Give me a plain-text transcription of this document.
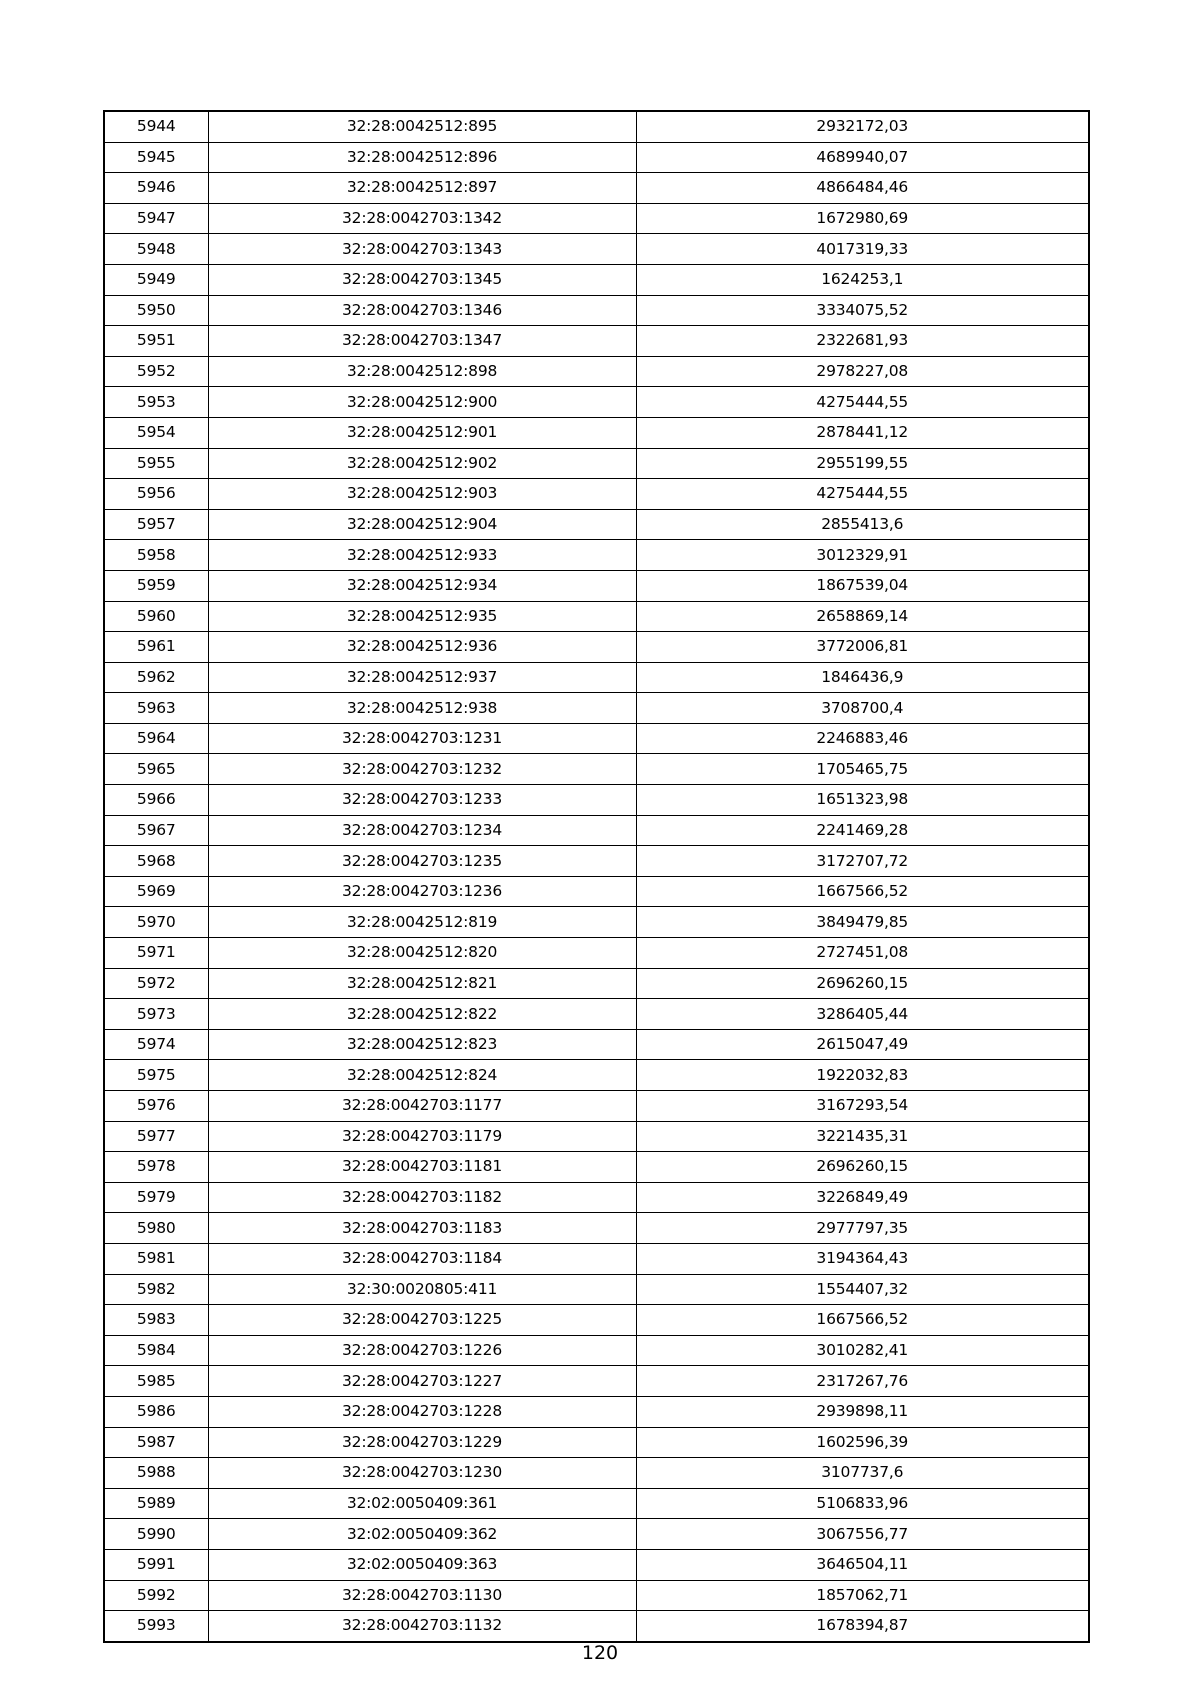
5944	32:28:0042512:895	2932172,03
5945	32:28:0042512:896	4689940,07
5946	32:28:0042512:897	4866484,46
5947	32:28:0042703:1342	1672980,69
5948	32:28:0042703:1343	4017319,33
5949	32:28:0042703:1345	1624253,1
5950	32:28:0042703:1346	3334075,52
5951	32:28:0042703:1347	2322681,93
5952	32:28:0042512:898	2978227,08
5953	32:28:0042512:900	4275444,55
5954	32:28:0042512:901	2878441,12
5955	32:28:0042512:902	2955199,55
5956	32:28:0042512:903	4275444,55
5957	32:28:0042512:904	2855413,6
5958	32:28:0042512:933	3012329,91
5959	32:28:0042512:934	1867539,04
5960	32:28:0042512:935	2658869,14
5961	32:28:0042512:936	3772006,81
5962	32:28:0042512:937	1846436,9
5963	32:28:0042512:938	3708700,4
5964	32:28:0042703:1231	2246883,46
5965	32:28:0042703:1232	1705465,75
5966	32:28:0042703:1233	1651323,98
5967	32:28:0042703:1234	2241469,28
5968	32:28:0042703:1235	3172707,72
5969	32:28:0042703:1236	1667566,52
5970	32:28:0042512:819	3849479,85
5971	32:28:0042512:820	2727451,08
5972	32:28:0042512:821	2696260,15
5973	32:28:0042512:822	3286405,44
5974	32:28:0042512:823	2615047,49
5975	32:28:0042512:824	1922032,83
5976	32:28:0042703:1177	3167293,54
5977	32:28:0042703:1179	3221435,31
5978	32:28:0042703:1181	2696260,15
5979	32:28:0042703:1182	3226849,49
5980	32:28:0042703:1183	2977797,35
5981	32:28:0042703:1184	3194364,43
5982	32:30:0020805:411	1554407,32
5983	32:28:0042703:1225	1667566,52
5984	32:28:0042703:1226	3010282,41
5985	32:28:0042703:1227	2317267,76
5986	32:28:0042703:1228	2939898,11
5987	32:28:0042703:1229	1602596,39
5988	32:28:0042703:1230	3107737,6
5989	32:02:0050409:361	5106833,96
5990	32:02:0050409:362	3067556,77
5991	32:02:0050409:363	3646504,11
5992	32:28:0042703:1130	1857062,71
5993	32:28:0042703:1132	1678394,87
120
